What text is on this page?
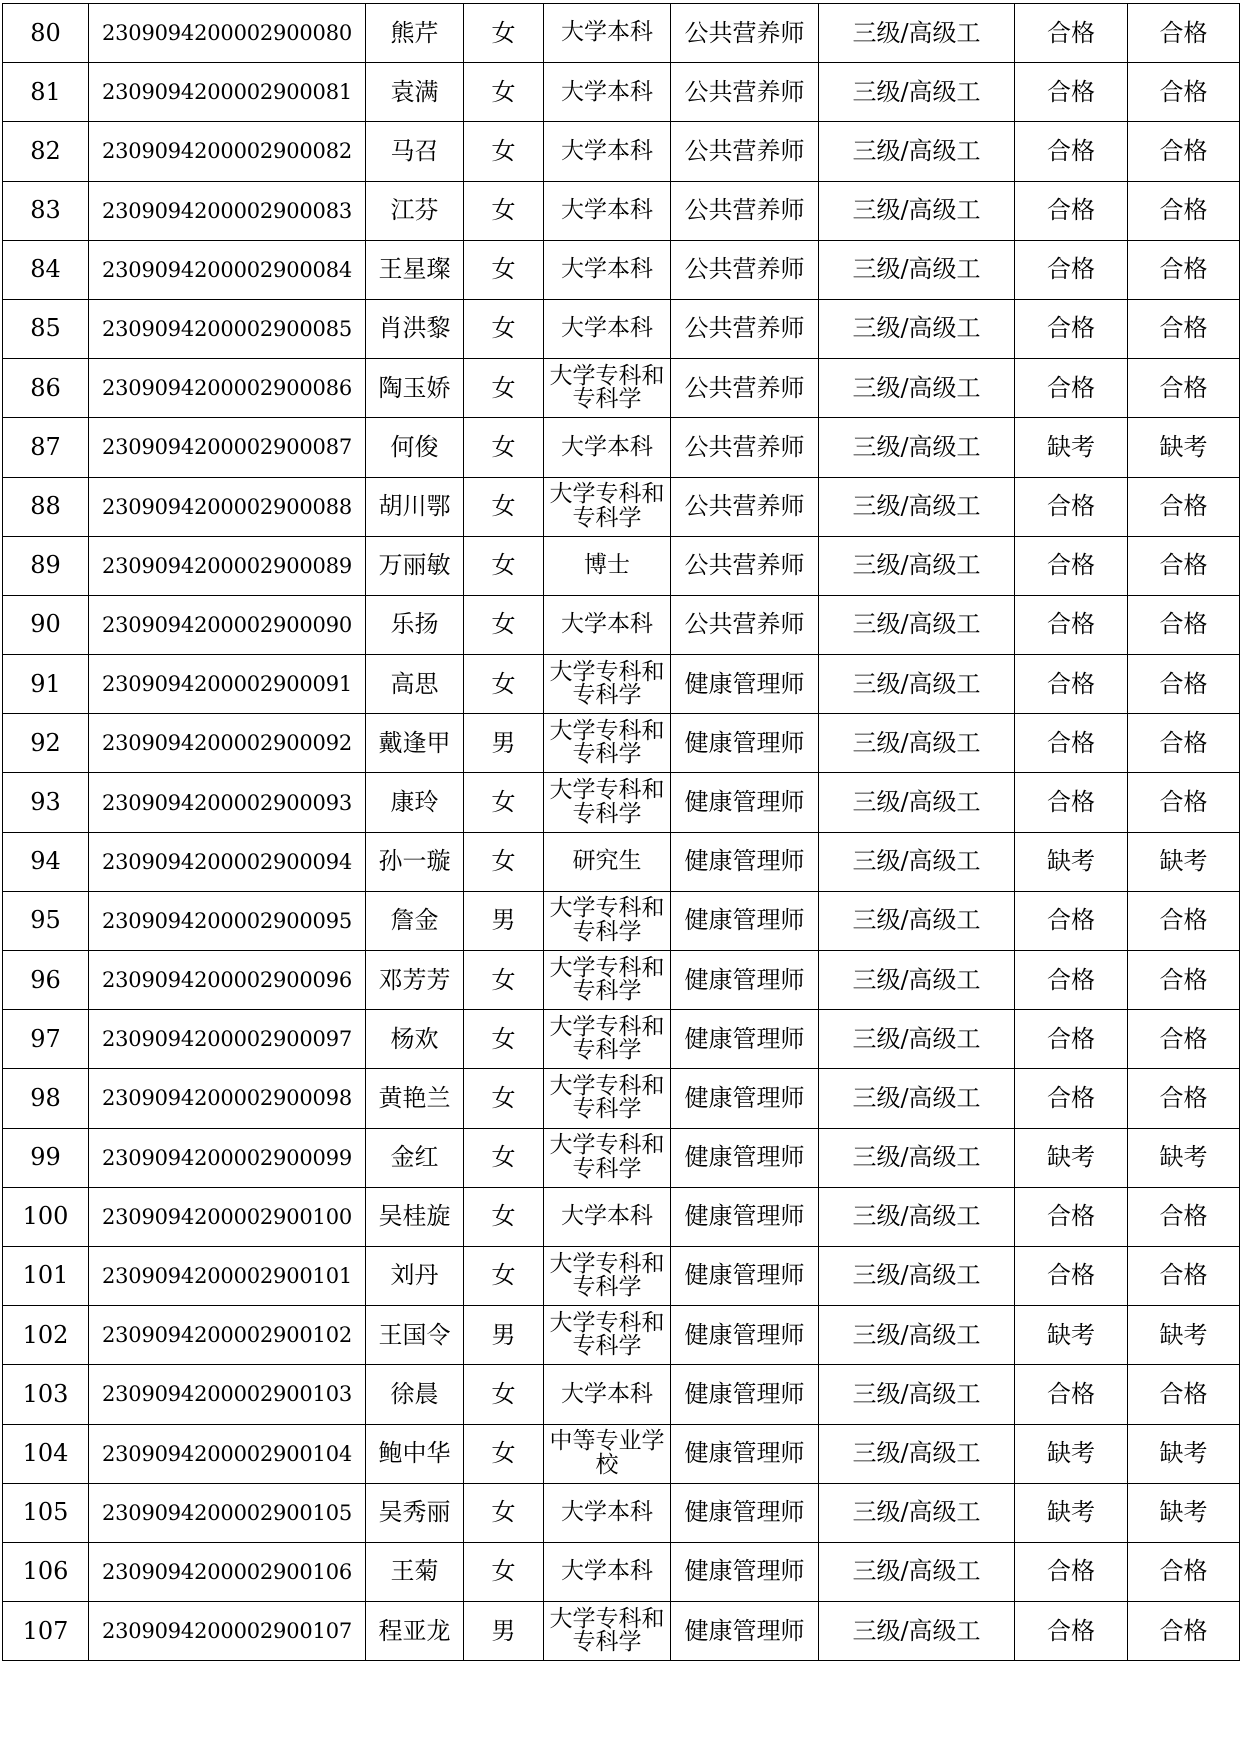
80	2309094200002900080	熊芹	女	大学本科	公共营养师	三级/高级工	合格	合格
81	2309094200002900081	袁满	女	大学本科	公共营养师	三级/高级工	合格	合格
82	2309094200002900082	马召	女	大学本科	公共营养师	三级/高级工	合格	合格
83	2309094200002900083	江芬	女	大学本科	公共营养师	三级/高级工	合格	合格
84	2309094200002900084	王星璨	女	大学本科	公共营养师	三级/高级工	合格	合格
85	2309094200002900085	肖洪黎	女	大学本科	公共营养师	三级/高级工	合格	合格
86	2309094200002900086	陶玉娇	女	大学专科和专科学	公共营养师	三级/高级工	合格	合格
87	2309094200002900087	何俊	女	大学本科	公共营养师	三级/高级工	缺考	缺考
88	2309094200002900088	胡川鄂	女	大学专科和专科学	公共营养师	三级/高级工	合格	合格
89	2309094200002900089	万丽敏	女	博士	公共营养师	三级/高级工	合格	合格
90	2309094200002900090	乐扬	女	大学本科	公共营养师	三级/高级工	合格	合格
91	2309094200002900091	高思	女	大学专科和专科学	健康管理师	三级/高级工	合格	合格
92	2309094200002900092	戴逢甲	男	大学专科和专科学	健康管理师	三级/高级工	合格	合格
93	2309094200002900093	康玲	女	大学专科和专科学	健康管理师	三级/高级工	合格	合格
94	2309094200002900094	孙一璇	女	研究生	健康管理师	三级/高级工	缺考	缺考
95	2309094200002900095	詹金	男	大学专科和专科学	健康管理师	三级/高级工	合格	合格
96	2309094200002900096	邓芳芳	女	大学专科和专科学	健康管理师	三级/高级工	合格	合格
97	2309094200002900097	杨欢	女	大学专科和专科学	健康管理师	三级/高级工	合格	合格
98	2309094200002900098	黄艳兰	女	大学专科和专科学	健康管理师	三级/高级工	合格	合格
99	2309094200002900099	金红	女	大学专科和专科学	健康管理师	三级/高级工	缺考	缺考
100	2309094200002900100	吴桂旋	女	大学本科	健康管理师	三级/高级工	合格	合格
101	2309094200002900101	刘丹	女	大学专科和专科学	健康管理师	三级/高级工	合格	合格
102	2309094200002900102	王国令	男	大学专科和专科学	健康管理师	三级/高级工	缺考	缺考
103	2309094200002900103	徐晨	女	大学本科	健康管理师	三级/高级工	合格	合格
104	2309094200002900104	鲍中华	女	中等专业学校	健康管理师	三级/高级工	缺考	缺考
105	2309094200002900105	吴秀丽	女	大学本科	健康管理师	三级/高级工	缺考	缺考
106	2309094200002900106	王菊	女	大学本科	健康管理师	三级/高级工	合格	合格
107	2309094200002900107	程亚龙	男	大学专科和专科学	健康管理师	三级/高级工	合格	合格
